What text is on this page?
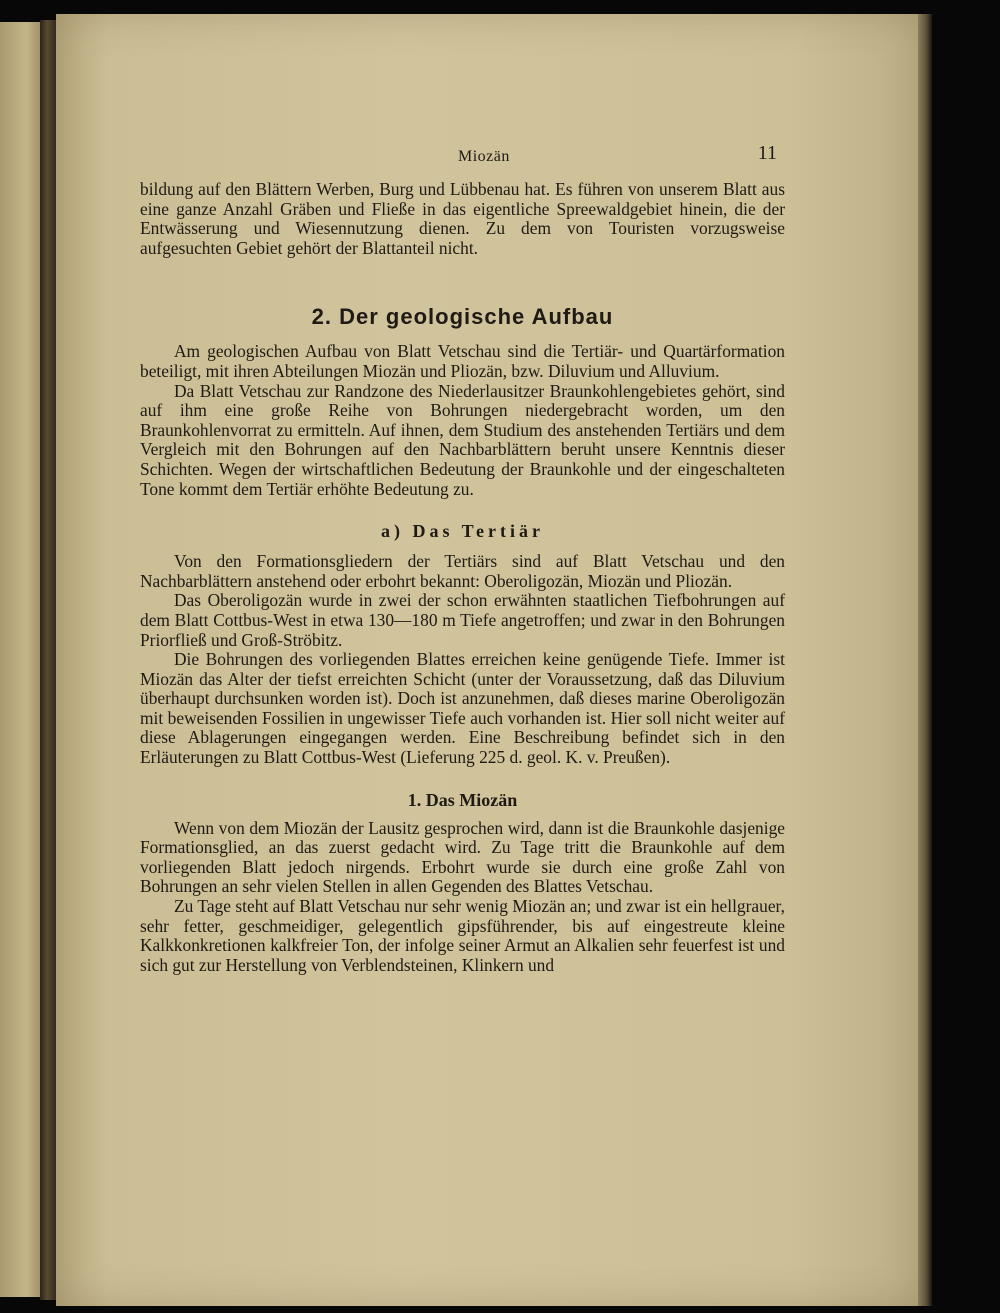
Miozän	11

bildung auf den Blättern Werben, Burg und Lübbenau hat. Es führen von unserem Blatt aus eine ganze Anzahl Gräben und Fließe in das eigentliche Spreewaldgebiet hinein, die der Entwässerung und Wiesennutzung dienen. Zu dem von Touristen vorzugsweise aufgesuchten Gebiet gehört der Blattanteil nicht.

2. Der geologische Aufbau

Am geologischen Aufbau von Blatt Vetschau sind die Tertiär- und Quartärformation beteiligt, mit ihren Abteilungen Miozän und Pliozän, bzw. Diluvium und Alluvium.

Da Blatt Vetschau zur Randzone des Niederlausitzer Braunkohlengebietes gehört, sind auf ihm eine große Reihe von Bohrungen niedergebracht worden, um den Braunkohlenvorrat zu ermitteln. Auf ihnen, dem Studium des anstehenden Tertiärs und dem Vergleich mit den Bohrungen auf den Nachbarblättern beruht unsere Kenntnis dieser Schichten. Wegen der wirtschaftlichen Bedeutung der Braunkohle und der eingeschalteten Tone kommt dem Tertiär erhöhte Bedeutung zu.

a) Das Tertiär

Von den Formationsgliedern der Tertiärs sind auf Blatt Vetschau und den Nachbarblättern anstehend oder erbohrt bekannt: Oberoligozän, Miozän und Pliozän.

Das Oberoligozän wurde in zwei der schon erwähnten staatlichen Tiefbohrungen auf dem Blatt Cottbus-West in etwa 130—180 m Tiefe angetroffen; und zwar in den Bohrungen Priorfließ und Groß-Ströbitz.

Die Bohrungen des vorliegenden Blattes erreichen keine genügende Tiefe. Immer ist Miozän das Alter der tiefst erreichten Schicht (unter der Voraussetzung, daß das Diluvium überhaupt durchsunken worden ist). Doch ist anzunehmen, daß dieses marine Oberoligozän mit beweisenden Fossilien in ungewisser Tiefe auch vorhanden ist. Hier soll nicht weiter auf diese Ablagerungen eingegangen werden. Eine Beschreibung befindet sich in den Erläuterungen zu Blatt Cottbus-West (Lieferung 225 d. geol. K. v. Preußen).

1. Das Miozän

Wenn von dem Miozän der Lausitz gesprochen wird, dann ist die Braunkohle dasjenige Formationsglied, an das zuerst gedacht wird. Zu Tage tritt die Braunkohle auf dem vorliegenden Blatt jedoch nirgends. Erbohrt wurde sie durch eine große Zahl von Bohrungen an sehr vielen Stellen in allen Gegenden des Blattes Vetschau.

Zu Tage steht auf Blatt Vetschau nur sehr wenig Miozän an; und zwar ist ein hellgrauer, sehr fetter, geschmeidiger, gelegentlich gipsführender, bis auf eingestreute kleine Kalkkonkretionen kalkfreier Ton, der infolge seiner Armut an Alkalien sehr feuerfest ist und sich gut zur Herstellung von Verblendsteinen, Klinkern und
